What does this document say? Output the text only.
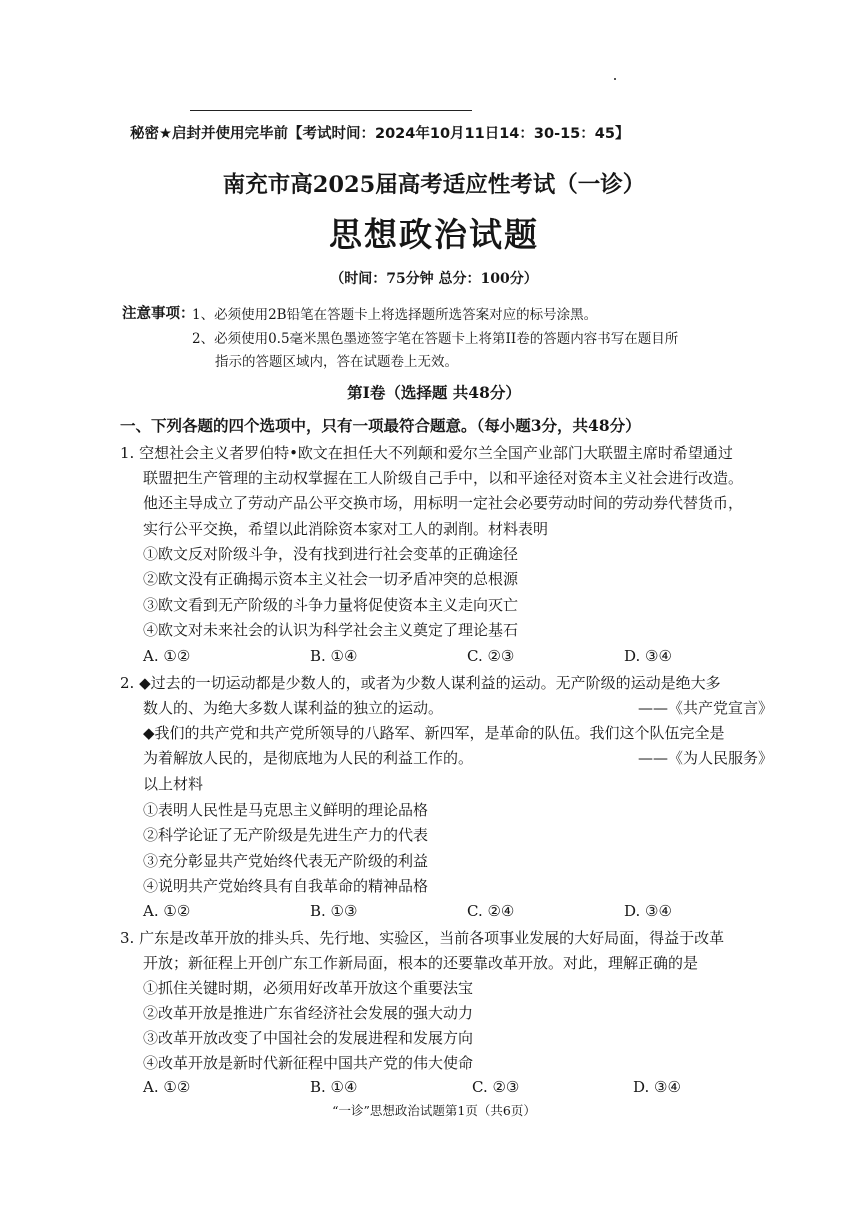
秘密★启封并使用完毕前【考试时间：2024年10月11日14：30-15：45】
南充市高2025届高考适应性考试（一诊）
思想政治试题
（时间：75分钟 总分：100分）
注意事项：
1、必须使用2B铅笔在答题卡上将选择题所选答案对应的标号涂黑。
2、必须使用0.5毫米黑色墨迹签字笔在答题卡上将第II卷的答题内容书写在题目所
指示的答题区域内，答在试题卷上无效。
第I卷（选择题 共48分）
一、下列各题的四个选项中，只有一项最符合题意。（每小题3分，共48分）
1. 空想社会主义者罗伯特•欧文在担任大不列颠和爱尔兰全国产业部门大联盟主席时希望通过
联盟把生产管理的主动权掌握在工人阶级自己手中，以和平途径对资本主义社会进行改造。
他还主导成立了劳动产品公平交换市场，用标明一定社会必要劳动时间的劳动券代替货币，
实行公平交换，希望以此消除资本家对工人的剥削。材料表明
①欧文反对阶级斗争，没有找到进行社会变革的正确途径
②欧文没有正确揭示资本主义社会一切矛盾冲突的总根源
③欧文看到无产阶级的斗争力量将促使资本主义走向灭亡
④欧文对未来社会的认识为科学社会主义奠定了理论基石
A. ①②	B. ①④	C. ②③	D. ③④
2. ◆过去的一切运动都是少数人的，或者为少数人谋利益的运动。无产阶级的运动是绝大多
数人的、为绝大多数人谋利益的独立的运动。	——《共产党宣言》
◆我们的共产党和共产党所领导的八路军、新四军，是革命的队伍。我们这个队伍完全是
为着解放人民的，是彻底地为人民的利益工作的。	——《为人民服务》
以上材料
①表明人民性是马克思主义鲜明的理论品格
②科学论证了无产阶级是先进生产力的代表
③充分彰显共产党始终代表无产阶级的利益
④说明共产党始终具有自我革命的精神品格
A. ①②	B. ①③	C. ②④	D. ③④
3. 广东是改革开放的排头兵、先行地、实验区，当前各项事业发展的大好局面，得益于改革
开放；新征程上开创广东工作新局面，根本的还要靠改革开放。对此，理解正确的是
①抓住关键时期，必须用好改革开放这个重要法宝
②改革开放是推进广东省经济社会发展的强大动力
③改革开放改变了中国社会的发展进程和发展方向
④改革开放是新时代新征程中国共产党的伟大使命
A. ①②	B. ①④	C. ②③	D. ③④
“一诊”思想政治试题第1页（共6页）
